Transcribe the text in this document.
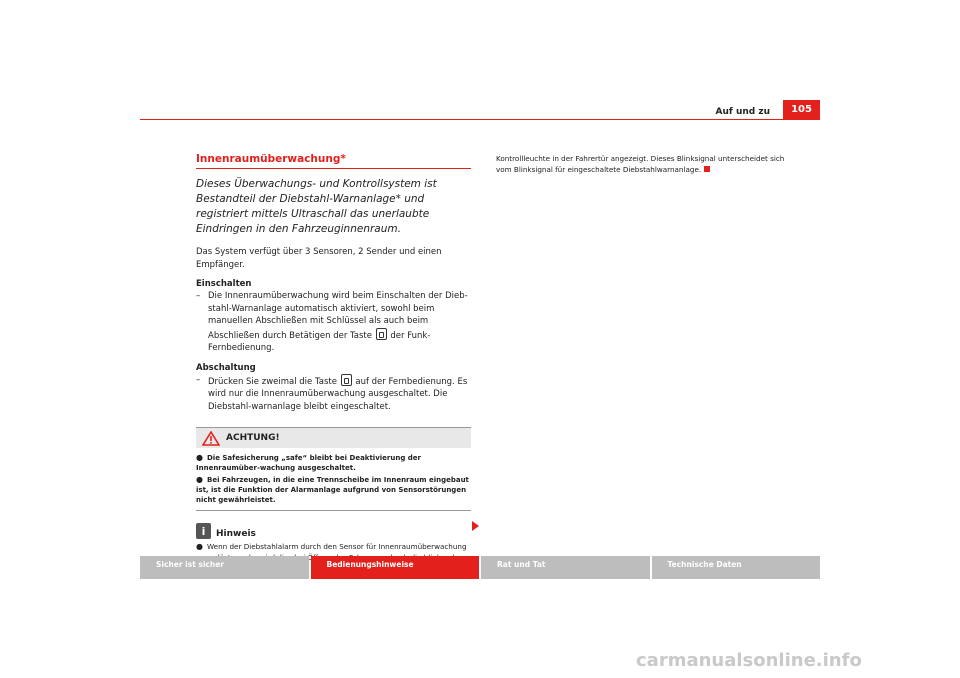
Auf und zu	105
Innenraumüberwachung*
Dieses Überwachungs- und Kontrollsystem ist Bestandteil der Diebstahl-Warnanlage* und registriert mittels Ultraschall das unerlaubte Eindringen in den Fahrzeuginnenraum.

Das System verfügt über 3 Sensoren, 2 Sender und einen Empfänger.

Einschalten

– Die Innenraumüberwachung wird beim Einschalten der Dieb-stahl-Warnanlage automatisch aktiviert, sowohl beim manuellen Abschließen mit Schlüssel als auch beim Abschließen durch Betätigen der Taste der Funk-Fernbedienung.

Abschaltung

– Drücken Sie zweimal die Taste auf der Fernbedienung. Es wird nur die Innenraumüberwachung ausgeschaltet. Die Diebstahl-warnanlage bleibt eingeschaltet.
ACHTUNG!
● Die Safesicherung „safe“ bleibt bei Deaktivierung der Innenraumüber-wachung ausgeschaltet.
● Bei Fahrzeugen, in die eine Trennscheibe im Innenraum eingebaut ist, ist die Funktion der Alarmanlage aufgrund von Sensorstörungen nicht gewährleistet.
i	Hinweis
● Wenn der Diebstahlalarm durch den Sensor für Innenraumüberwachung
Kontrollleuchte in der Fahrertür angezeigt. Dieses Blinksignal unterscheidet sich vom Blinksignal für eingeschaltete Diebstahlwarnanlage.
Sicher ist sicher	Bedienungshinweise	Rat und Tat	Technische Daten
carmanualsonline.info
